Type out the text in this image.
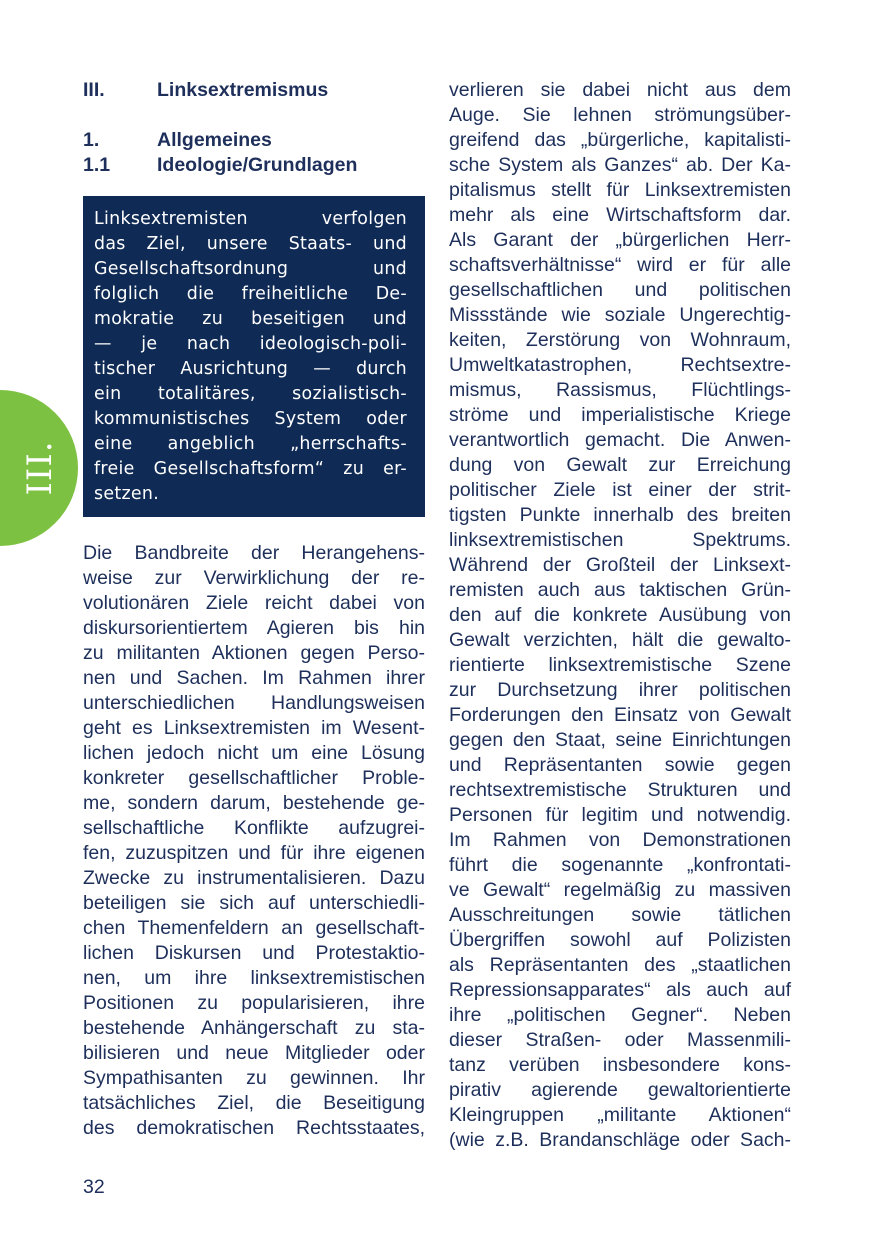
III.
III.	Linksextremismus
1.	Allgemeines
1.1	Ideologie/Grundlagen
Linksextremisten verfolgen
das Ziel, unsere Staats- und
Gesellschaftsordnung und
folglich die freiheitliche De-
mokratie zu beseitigen und
— je nach ideologisch-poli-
tischer Ausrichtung — durch
ein totalitäres, sozialistisch-
kommunistisches System oder
eine angeblich „herrschafts-
freie Gesellschaftsform“ zu er-
setzen.
Die Bandbreite der Herangehens-
weise zur Verwirklichung der re-
volutionären Ziele reicht dabei von
diskursorientiertem Agieren bis hin
zu militanten Aktionen gegen Perso-
nen und Sachen. Im Rahmen ihrer
unterschiedlichen Handlungsweisen
geht es Linksextremisten im Wesent-
lichen jedoch nicht um eine Lösung
konkreter gesellschaftlicher Proble-
me, sondern darum, bestehende ge-
sellschaftliche Konflikte aufzugrei-
fen, zuzuspitzen und für ihre eigenen
Zwecke zu instrumentalisieren. Dazu
beteiligen sie sich auf unterschiedli-
chen Themenfeldern an gesellschaft-
lichen Diskursen und Protestaktio-
nen, um ihre linksextremistischen
Positionen zu popularisieren, ihre
bestehende Anhängerschaft zu sta-
bilisieren und neue Mitglieder oder
Sympathisanten zu gewinnen. Ihr
tatsächliches Ziel, die Beseitigung
des demokratischen Rechtsstaates,
verlieren sie dabei nicht aus dem
Auge. Sie lehnen strömungsüber-
greifend das „bürgerliche, kapitalisti-
sche System als Ganzes“ ab. Der Ka-
pitalismus stellt für Linksextremisten
mehr als eine Wirtschaftsform dar.
Als Garant der „bürgerlichen Herr-
schaftsverhältnisse“ wird er für alle
gesellschaftlichen und politischen
Missstände wie soziale Ungerechtig-
keiten, Zerstörung von Wohnraum,
Umweltkatastrophen, Rechtsextre-
mismus, Rassismus, Flüchtlings-
ströme und imperialistische Kriege
verantwortlich gemacht. Die Anwen-
dung von Gewalt zur Erreichung
politischer Ziele ist einer der strit-
tigsten Punkte innerhalb des breiten
linksextremistischen Spektrums.
Während der Großteil der Linksext-
remisten auch aus taktischen Grün-
den auf die konkrete Ausübung von
Gewalt verzichten, hält die gewalto-
rientierte linksextremistische Szene
zur Durchsetzung ihrer politischen
Forderungen den Einsatz von Gewalt
gegen den Staat, seine Einrichtungen
und Repräsentanten sowie gegen
rechtsextremistische Strukturen und
Personen für legitim und notwendig.
Im Rahmen von Demonstrationen
führt die sogenannte „konfrontati-
ve Gewalt“ regelmäßig zu massiven
Ausschreitungen sowie tätlichen
Übergriffen sowohl auf Polizisten
als Repräsentanten des „staatlichen
Repressionsapparates“ als auch auf
ihre „politischen Gegner“. Neben
dieser Straßen- oder Massenmili-
tanz verüben insbesondere kons-
pirativ agierende gewaltorientierte
Kleingruppen „militante Aktionen“
(wie z.B. Brandanschläge oder Sach-
32
